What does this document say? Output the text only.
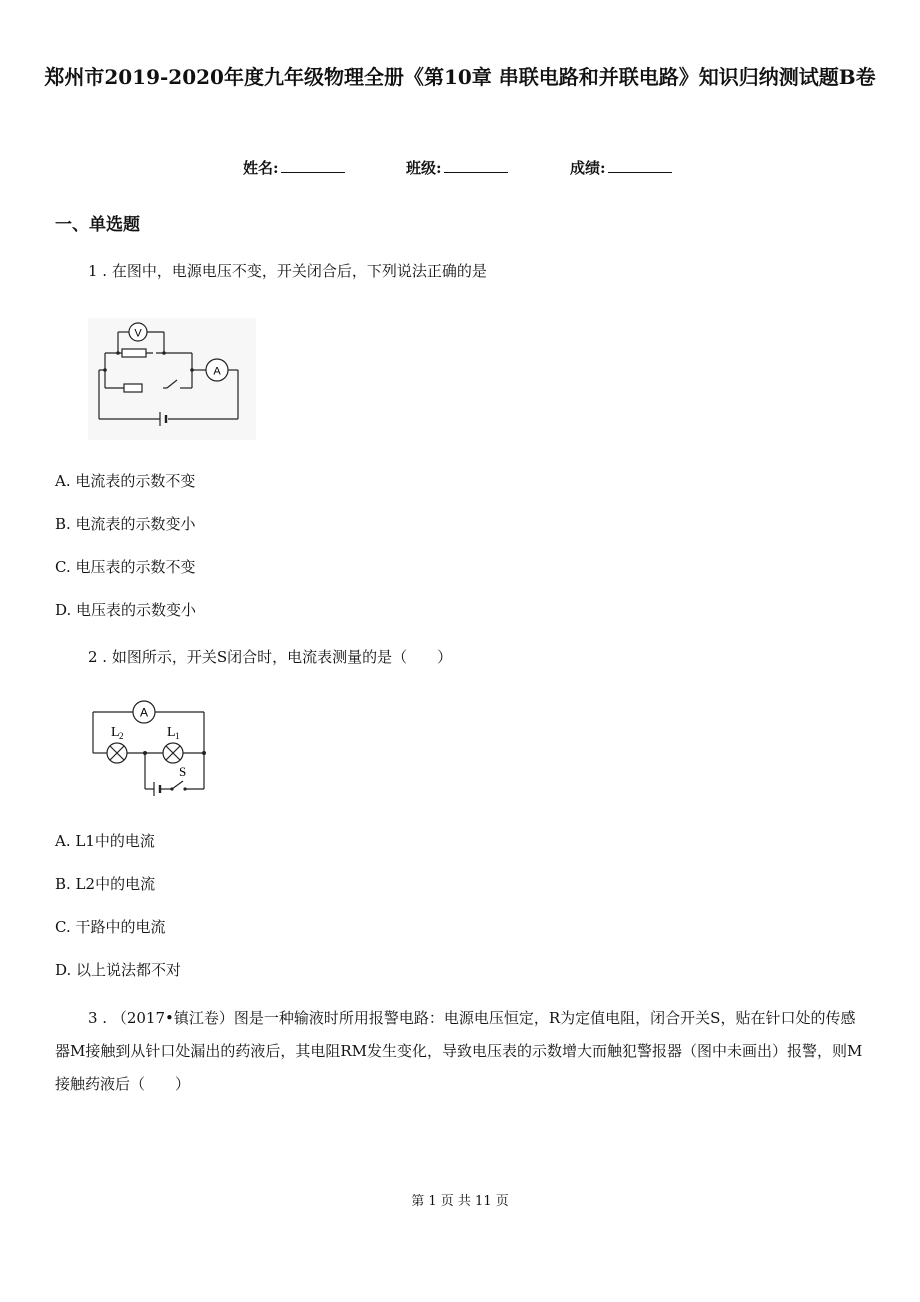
郑州市2019-2020年度九年级物理全册《第10章 串联电路和并联电路》知识归纳测试题B卷
姓名:	班级:	成绩:
一、单选题
1 . 在图中，电源电压不变，开关闭合后，下列说法正确的是
V
A
A. 电流表的示数不变
B. 电流表的示数变小
C. 电压表的示数不变
D. 电压表的示数变小
2 . 如图所示，开关S闭合时，电流表测量的是（　　）
A
L 2	L 1
S
A. L1中的电流
B. L2中的电流
C. 干路中的电流
D. 以上说法都不对
3 . （2017•镇江卷）图是一种输液时所用报警电路：电源电压恒定，R为定值电阻，闭合开关S，贴在针口处的传感器M接触到从针口处漏出的药液后，其电阻RM发生变化，导致电压表的示数增大而触犯警报器（图中未画出）报警，则M接触药液后（　　）
第 1 页 共 11 页
